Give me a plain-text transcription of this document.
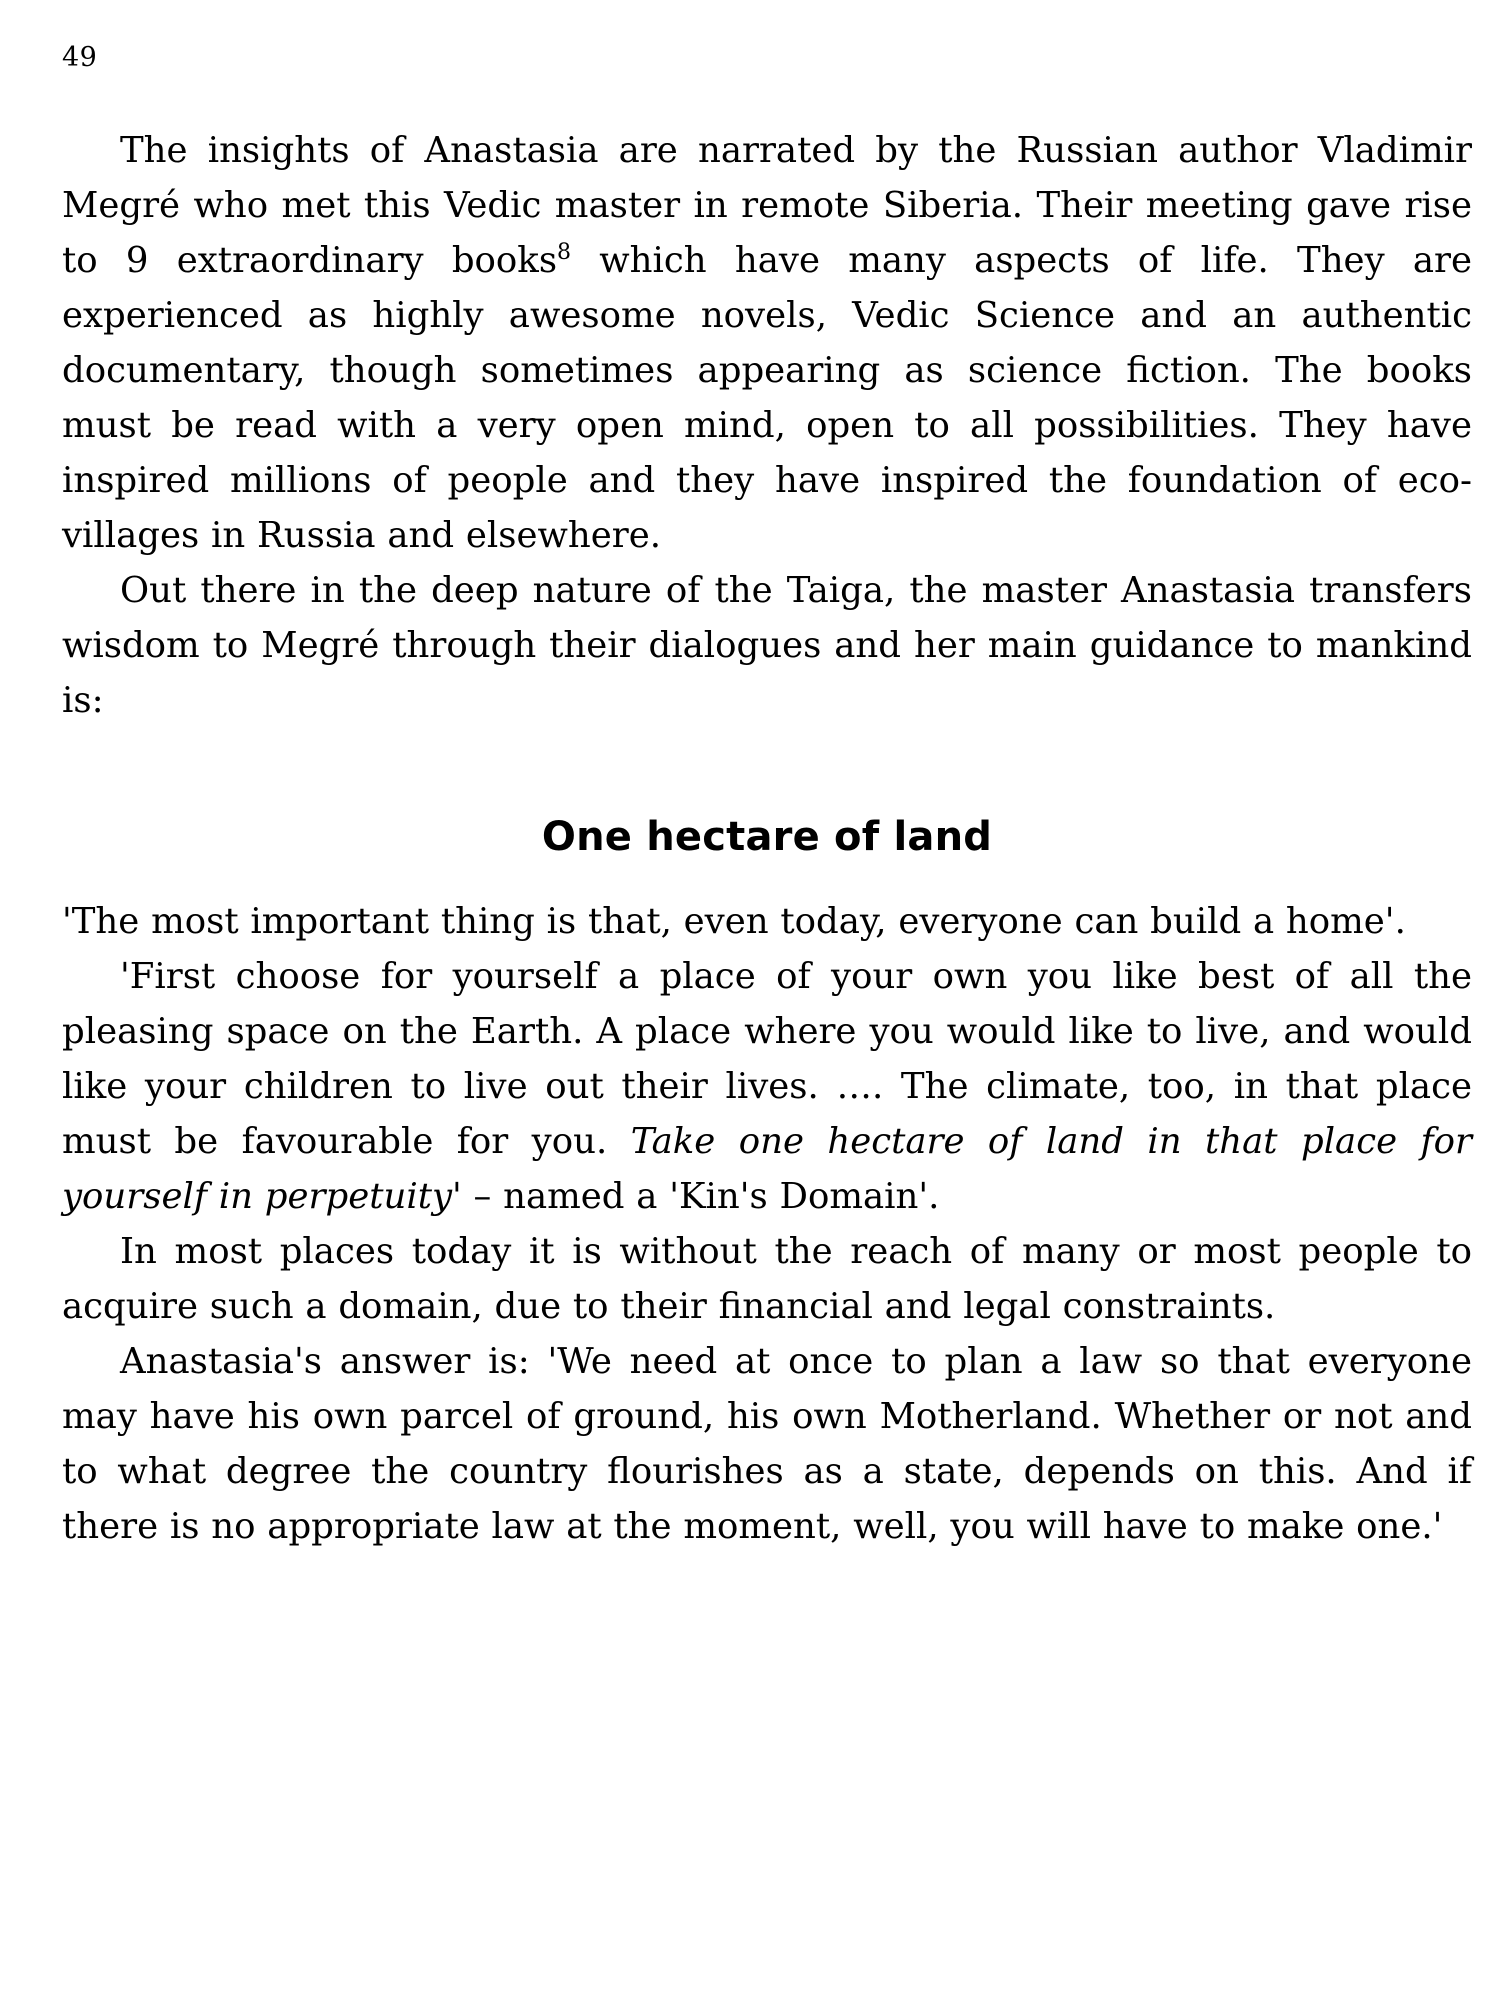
49

The insights of Anastasia are narrated by the Russian author Vladimir Megré who met this Vedic master in remote Siberia. Their meeting gave rise to 9 extraordinary books$^8$ which have many aspects of life. They are experienced as highly awesome novels, Vedic Science and an authentic documentary, though sometimes appearing as science fiction. The books must be read with a very open mind, open to all possibilities. They have inspired millions of people and they have inspired the foundation of eco-villages in Russia and elsewhere.

Out there in the deep nature of the Taiga, the master Anastasia transfers wisdom to Megré through their dialogues and her main guidance to mankind is:

One hectare of land

'The most important thing is that, even today, everyone can build a home'.

'First choose for yourself a place of your own you like best of all the pleasing space on the Earth. A place where you would like to live, and would like your children to live out their lives. …. The climate, too, in that place must be favourable for you. Take one hectare of land in that place for yourself in perpetuity' – named a 'Kin's Domain'.

In most places today it is without the reach of many or most people to acquire such a domain, due to their financial and legal constraints.

Anastasia's answer is: 'We need at once to plan a law so that everyone may have his own parcel of ground, his own Motherland. Whether or not and to what degree the country flourishes as a state, depends on this. And if there is no appropriate law at the moment, well, you will have to make one.'
